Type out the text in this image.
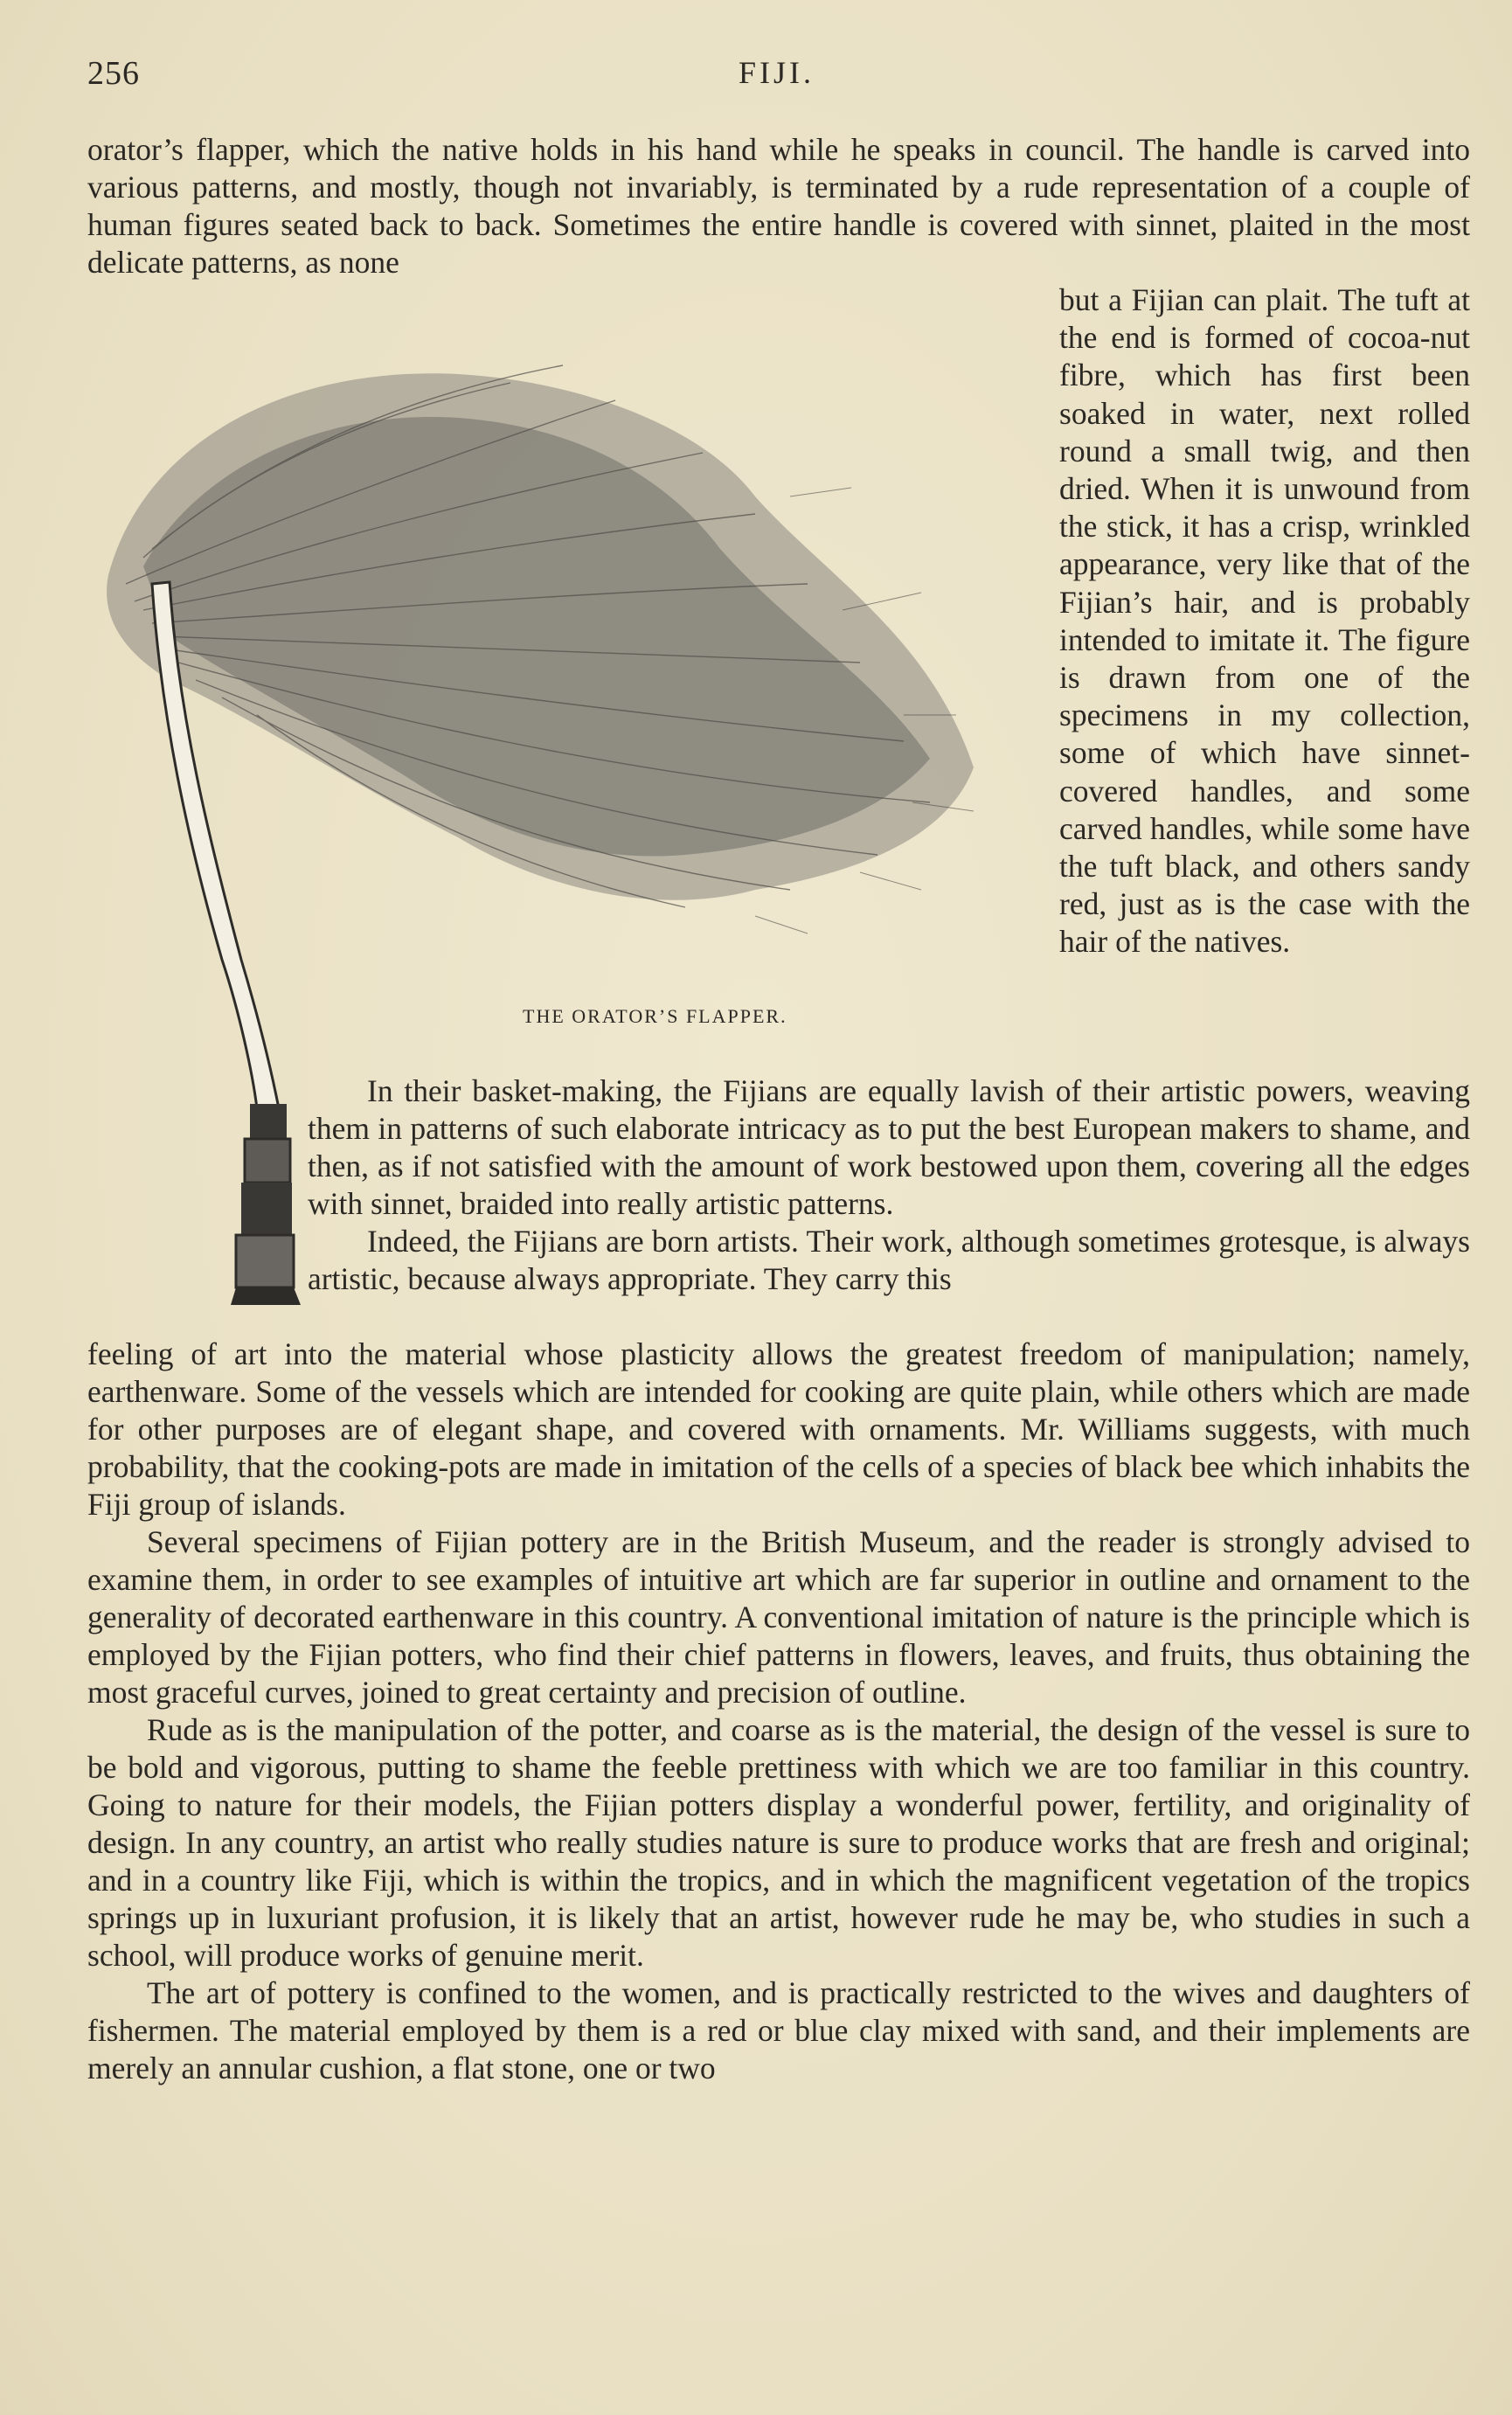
256	FIJI.

orator’s flapper, which the native holds in his hand while he speaks in council. The handle is carved into various patterns, and mostly, though not invariably, is terminated by a rude representation of a couple of human figures seated back to back. Sometimes the entire handle is covered with sinnet, plaited in the most delicate patterns, as none

but a Fijian can plait. The tuft at the end is formed of cocoa-nut fibre, which has first been soaked in water, next rolled round a small twig, and then dried. When it is unwound from the stick, it has a crisp, wrinkled appearance, very like that of the Fijian’s hair, and is probably intended to imitate it. The figure is drawn from one of the specimens in my collection, some of which have sinnet-covered handles, and some carved handles, while some have the tuft black, and others sandy red, just as is the case with the hair of the natives.

THE ORATOR’S FLAPPER.

In their basket-making, the Fijians are equally lavish of their artistic powers, weaving them in patterns of such elaborate intricacy as to put the best European makers to shame, and then, as if not satisfied with the amount of work bestowed upon them, covering all the edges with sinnet, braided into really artistic patterns.

Indeed, the Fijians are born artists. Their work, although sometimes grotesque, is always artistic, because always appropriate. They carry this

feeling of art into the material whose plasticity allows the greatest freedom of manipulation; namely, earthenware. Some of the vessels which are intended for cooking are quite plain, while others which are made for other purposes are of elegant shape, and covered with ornaments. Mr. Williams suggests, with much probability, that the cooking-pots are made in imitation of the cells of a species of black bee which inhabits the Fiji group of islands.

Several specimens of Fijian pottery are in the British Museum, and the reader is strongly advised to examine them, in order to see examples of intuitive art which are far superior in outline and ornament to the generality of decorated earthenware in this country. A conventional imitation of nature is the principle which is employed by the Fijian potters, who find their chief patterns in flowers, leaves, and fruits, thus obtaining the most graceful curves, joined to great certainty and precision of outline.

Rude as is the manipulation of the potter, and coarse as is the material, the design of the vessel is sure to be bold and vigorous, putting to shame the feeble prettiness with which we are too familiar in this country. Going to nature for their models, the Fijian potters display a wonderful power, fertility, and originality of design. In any country, an artist who really studies nature is sure to produce works that are fresh and original; and in a country like Fiji, which is within the tropics, and in which the magnificent vegetation of the tropics springs up in luxuriant profusion, it is likely that an artist, however rude he may be, who studies in such a school, will produce works of genuine merit.

The art of pottery is confined to the women, and is practically restricted to the wives and daughters of fishermen. The material employed by them is a red or blue clay mixed with sand, and their implements are merely an annular cushion, a flat stone, one or two
